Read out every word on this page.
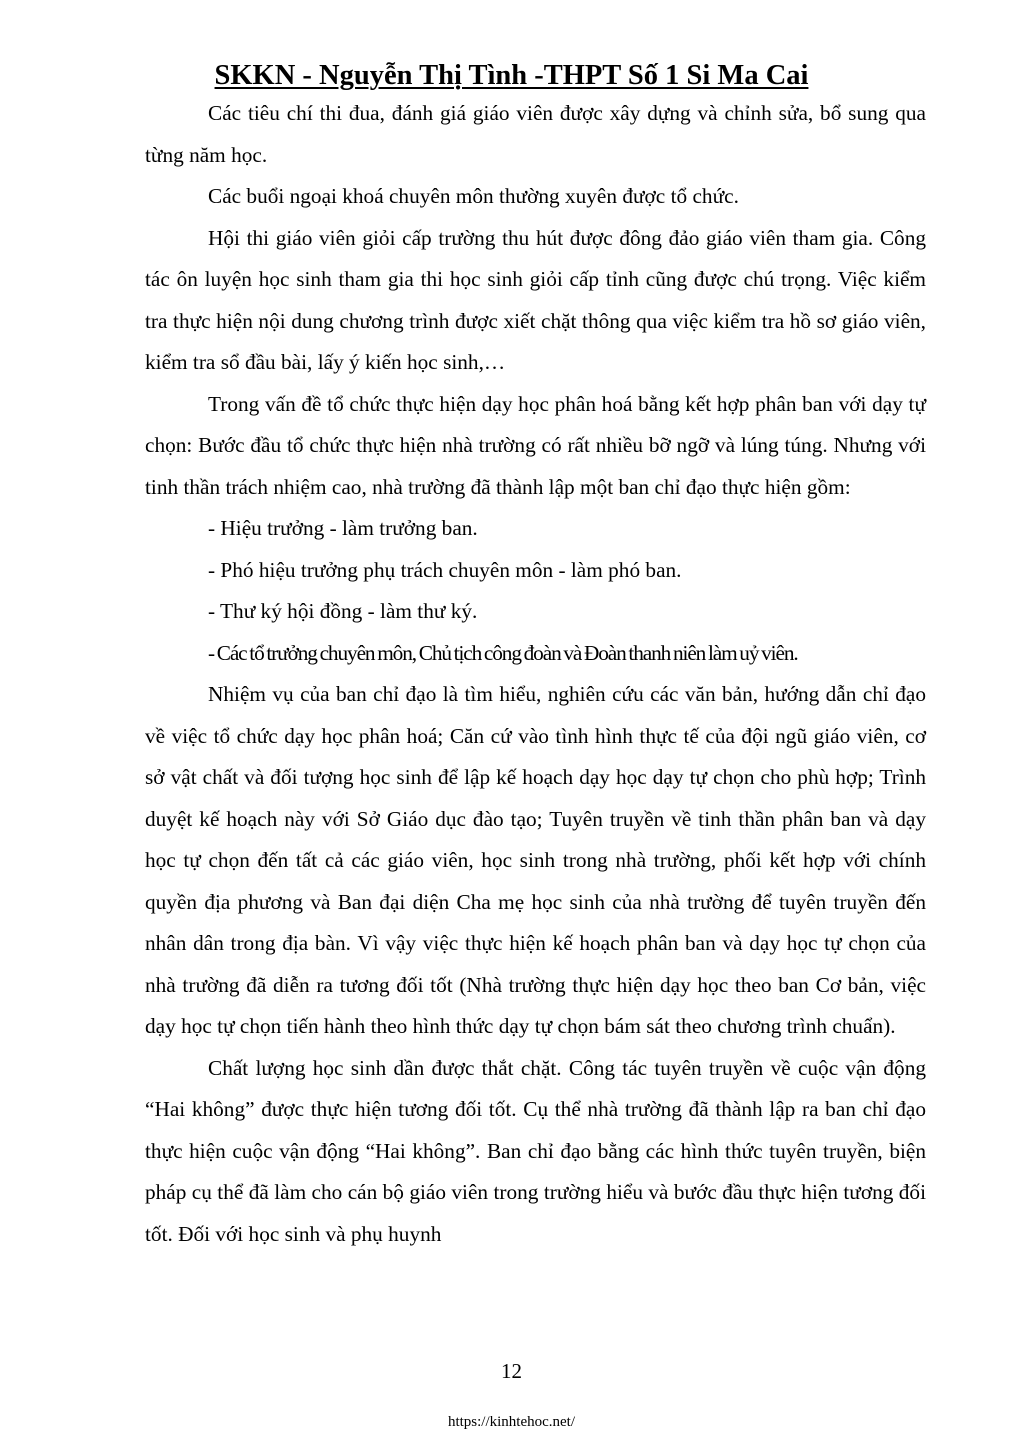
SKKN - Nguyễn Thị Tình -THPT Số 1 Si Ma Cai

Các tiêu chí thi đua, đánh giá giáo viên được xây dựng và chỉnh sửa, bổ sung qua từng năm học.

Các buổi ngoại khoá chuyên môn thường xuyên được tổ chức.

Hội thi giáo viên giỏi cấp trường thu hút được đông đảo giáo viên tham gia. Công tác ôn luyện học sinh tham gia thi học sinh giỏi cấp tỉnh cũng được chú trọng. Việc kiểm tra thực hiện nội dung chương trình được xiết chặt thông qua việc kiểm tra hồ sơ giáo viên, kiểm tra sổ đầu bài, lấy ý kiến học sinh,…

Trong vấn đề tổ chức thực hiện dạy học phân hoá bằng kết hợp phân ban với dạy tự chọn: Bước đầu tổ chức thực hiện nhà trường có rất nhiều bỡ ngỡ và lúng túng. Nhưng với tinh thần trách nhiệm cao, nhà trường đã thành lập một ban chỉ đạo thực hiện gồm:

- Hiệu trưởng - làm trưởng ban.

- Phó hiệu trưởng phụ trách chuyên môn - làm phó ban.

- Thư ký hội đồng - làm thư ký.

- Các tổ trưởng chuyên môn, Chủ tịch công đoàn và Đoàn thanh niên làm uỷ viên.

Nhiệm vụ của ban chỉ đạo là tìm hiểu, nghiên cứu các văn bản, hướng dẫn chỉ đạo về việc tổ chức dạy học phân hoá; Căn cứ vào tình hình thực tế của đội ngũ giáo viên, cơ sở vật chất và đối tượng học sinh để lập kế hoạch dạy học dạy tự chọn cho phù hợp; Trình duyệt kế hoạch này với Sở Giáo dục đào tạo; Tuyên truyền về tinh thần phân ban và dạy học tự chọn đến tất cả các giáo viên, học sinh trong nhà trường, phối kết hợp với chính quyền địa phương và Ban đại diện Cha mẹ học sinh của nhà trường để tuyên truyền đến nhân dân trong địa bàn. Vì vậy việc thực hiện kế hoạch phân ban và dạy học tự chọn của nhà trường đã diễn ra tương đối tốt (Nhà trường thực hiện dạy học theo ban Cơ bản, việc dạy học tự chọn tiến hành theo hình thức dạy tự chọn bám sát theo chương trình chuẩn).

Chất lượng học sinh dần được thắt chặt. Công tác tuyên truyền về cuộc vận động “Hai không” được thực hiện tương đối tốt. Cụ thể nhà trường đã thành lập ra ban chỉ đạo thực hiện cuộc vận động “Hai không”. Ban chỉ đạo bằng các hình thức tuyên truyền, biện pháp cụ thể đã làm cho cán bộ giáo viên trong trường hiểu và bước đầu thực hiện tương đối tốt. Đối với học sinh và phụ huynh

12
https://kinhtehoc.net/
